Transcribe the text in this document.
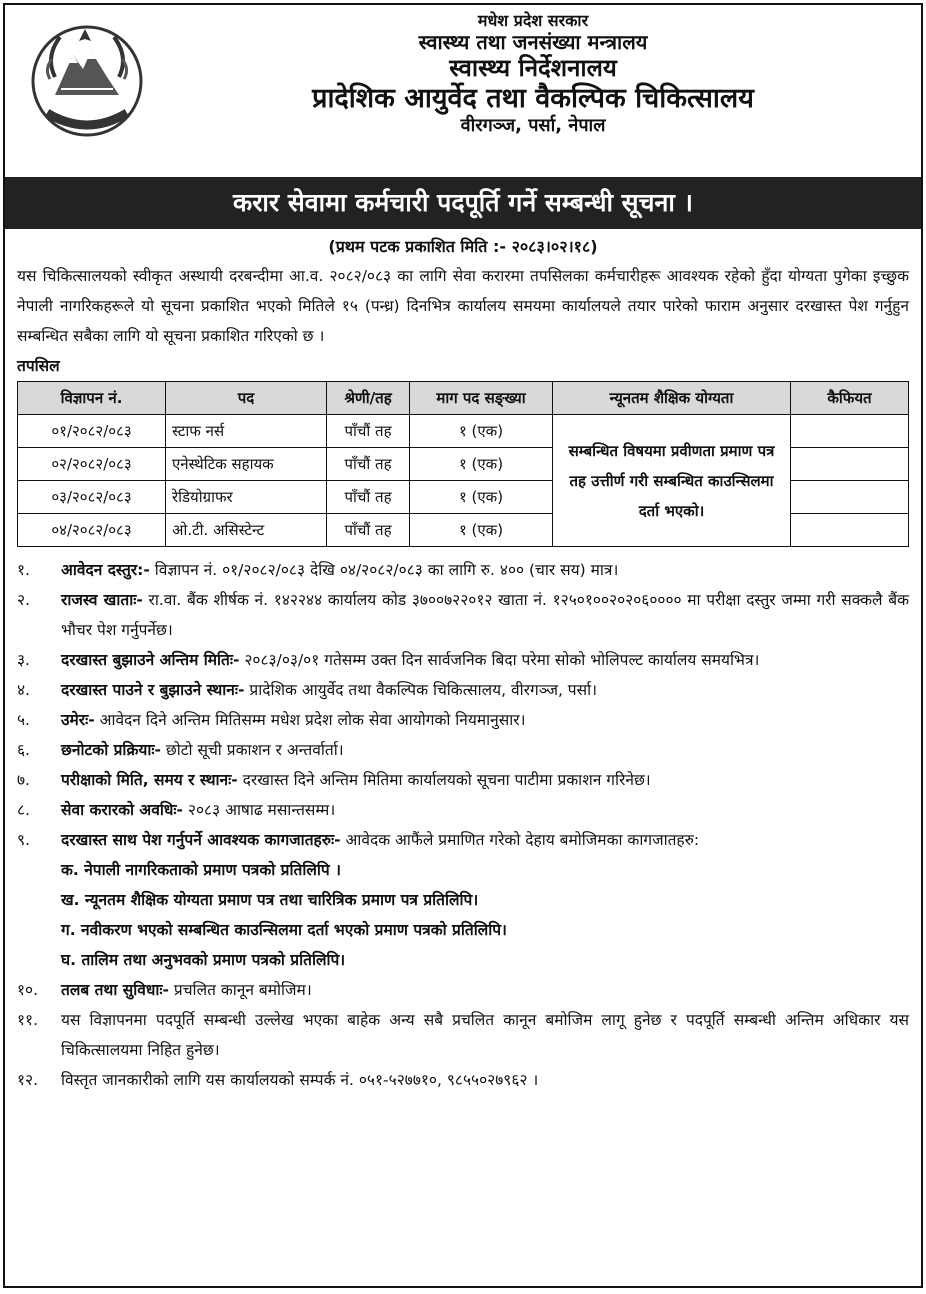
मधेश प्रदेश सरकार
स्वास्थ्य तथा जनसंख्या मन्त्रालय
स्वास्थ्य निर्देशनालय
प्रादेशिक आयुर्वेद तथा वैकल्पिक चिकित्सालय
वीरगञ्ज, पर्सा, नेपाल
करार सेवामा कर्मचारी पदपूर्ति गर्ने सम्बन्धी सूचना ।
(प्रथम पटक प्रकाशित मिति :- २०८३।०२।१८)
यस चिकित्सालयको स्वीकृत अस्थायी दरबन्दीमा आ.व. २०८२/०८३ का लागि सेवा करारमा तपसिलका कर्मचारीहरू आवश्यक रहेको हुँदा योग्यता पुगेका इच्छुक नेपाली नागरिकहरूले यो सूचना प्रकाशित भएको मितिले १५ (पन्ध्र) दिनभित्र कार्यालय समयमा कार्यालयले तयार पारेको फाराम अनुसार दरखास्त पेश गर्नुहुन सम्बन्धित सबैका लागि यो सूचना प्रकाशित गरिएको छ ।
तपसिल
विज्ञापन नं.	पद	श्रेणी/तह	माग पद सङ्ख्या	न्यूनतम शैक्षिक योग्यता	कैफियत
०१/२०८२/०८३	स्टाफ नर्स	पाँचौं तह	१ (एक)	सम्बन्धित विषयमा प्रवीणता प्रमाण पत्र तह उत्तीर्ण गरी सम्बन्धित काउन्सिलमा दर्ता भएको।	
०२/२०८२/०८३	एनेस्थेटिक सहायक	पाँचौं तह	१ (एक)		
०३/२०८२/०८३	रेडियोग्राफर	पाँचौं तह	१ (एक)		
०४/२०८२/०८३	ओ.टी. असिस्टेन्ट	पाँचौं तह	१ (एक)		
१.	आवेदन दस्तुर:- विज्ञापन नं. ०१/२०८२/०८३ देखि ०४/२०८२/०८३ का लागि रु. ४०० (चार सय) मात्र।
२.	राजस्व खाताः- रा.वा. बैंक शीर्षक नं. १४२२४४ कार्यालय कोड ३७००७२२०१२ खाता नं. १२५०१००२०२०६०००० मा परीक्षा दस्तुर जम्मा गरी सक्कलै बैंक भौचर पेश गर्नुपर्नेछ।
३.	दरखास्त बुझाउने अन्तिम मितिः- २०८३/०३/०१ गतेसम्म उक्त दिन सार्वजनिक बिदा परेमा सोको भोलिपल्ट कार्यालय समयभित्र।
४.	दरखास्त पाउने र बुझाउने स्थानः- प्रादेशिक आयुर्वेद तथा वैकल्पिक चिकित्सालय, वीरगञ्ज, पर्सा।
५.	उमेरः- आवेदन दिने अन्तिम मितिसम्म मधेश प्रदेश लोक सेवा आयोगको नियमानुसार।
६.	छनोटको प्रक्रियाः- छोटो सूची प्रकाशन र अन्तर्वार्ता।
७.	परीक्षाको मिति, समय र स्थानः- दरखास्त दिने अन्तिम मितिमा कार्यालयको सूचना पाटीमा प्रकाशन गरिनेछ।
८.	सेवा करारको अवधिः- २०८३ आषाढ मसान्तसम्म।
९.	दरखास्त साथ पेश गर्नुपर्ने आवश्यक कागजातहरुः- आवेदक आफैंले प्रमाणित गरेको देहाय बमोजिमका कागजातहरु:
क. नेपाली नागरिकताको प्रमाण पत्रको प्रतिलिपि ।
ख. न्यूनतम शैक्षिक योग्यता प्रमाण पत्र तथा चारित्रिक प्रमाण पत्र प्रतिलिपि।
ग. नवीकरण भएको सम्बन्धित काउन्सिलमा दर्ता भएको प्रमाण पत्रको प्रतिलिपि।
घ. तालिम तथा अनुभवको प्रमाण पत्रको प्रतिलिपि।
१०.	तलब तथा सुविधाः- प्रचलित कानून बमोजिम।
११.	यस विज्ञापनमा पदपूर्ति सम्बन्धी उल्लेख भएका बाहेक अन्य सबै प्रचलित कानून बमोजिम लागू हुनेछ र पदपूर्ति सम्बन्धी अन्तिम अधिकार यस चिकित्सालयमा निहित हुनेछ।
१२.	विस्तृत जानकारीको लागि यस कार्यालयको सम्पर्क नं. ०५१-५२७७१०, ९८५५०२७९६२ ।
